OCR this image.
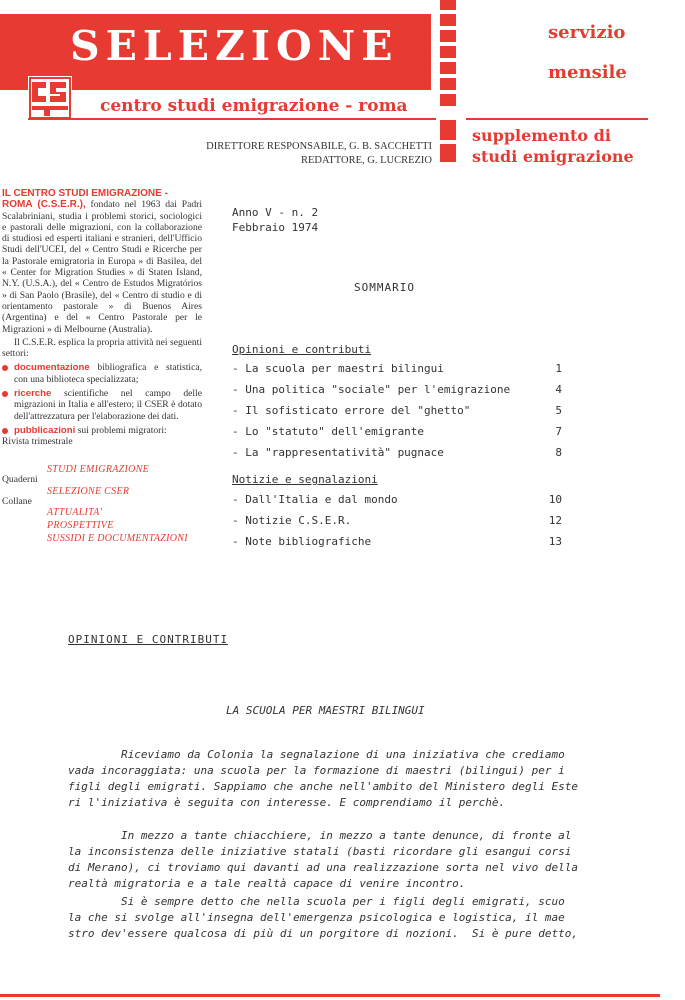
SELEZIONE
centro studi emigrazione - roma
DIRETTORE RESPONSABILE, G. B. SACCHETTI
REDATTORE, G. LUCREZIO
servizio
mensile
supplemento di
studi emigrazione
IL CENTRO STUDI EMIGRAZIONE -
ROMA (C.S.E.R.), fondato nel 1963 dai Padri Scalabriniani, studia i problemi storici, sociologici e pastorali delle migrazioni, con la collaborazione di studiosi ed esperti italiani e stranieri, dell'Ufficio Studi dell'UCEI, del « Centro Studi e Ricerche per la Pastorale emigratoria in Europa » di Basilea, del « Center for Migration Studies » di Staten Island, N.Y. (U.S.A.), del « Centro de Estudos Migratórios » di San Paolo (Brasile), del « Centro di studio e di orientamento pastorale » di Buenos Aires (Argentina) e del « Centro Pastorale per le Migrazioni » di Melbourne (Australia).
Il C.S.E.R. esplica la propria attività nei seguenti settori:
documentazione bibliografica e statistica, con una biblioteca specializzata;
ricerche scientifiche nel campo delle migrazioni in Italia e all'estero; il CSER è dotato dell'attrezzatura per l'elaborazione dei dati.
pubblicazioni sui problemi migratori:
Rivista trimestrale
Quaderni
Collane
STUDI EMIGRAZIONE
SELEZIONE CSER
ATTUALITA'
PROSPETTIVE
SUSSIDI E DOCUMENTAZIONI
Anno V - n. 2
Febbraio 1974
SOMMARIO
Opinioni e contributi
- La scuola per maestri bilingui	1
- Una politica "sociale" per l'emigrazione	4
- Il sofisticato errore del "ghetto"	5
- Lo "statuto" dell'emigrante	7
- La "rappresentatività" pugnace	8
Notizie e segnalazioni
- Dall'Italia e dal mondo	10
- Notizie C.S.E.R.	12
- Note bibliografiche	13
OPINIONI E CONTRIBUTI
LA SCUOLA PER MAESTRI BILINGUI
Riceviamo da Colonia la segnalazione di una iniziativa che crediamo
vada incoraggiata: una scuola per la formazione di maestri (bilingui) per i
figli degli emigrati. Sappiamo che anche nell'ambito del Ministero degli Este
ri l'iniziativa è seguita con interesse. E comprendiamo il perchè.
In mezzo a tante chiacchiere, in mezzo a tante denunce, di fronte al
la inconsistenza delle iniziative statali (basti ricordare gli esangui corsi
di Merano), ci troviamo qui davanti ad una realizzazione sorta nel vivo della
realtà migratoria e a tale realtà capace di venire incontro.
Si è sempre detto che nella scuola per i figli degli emigrati, scuo
la che si svolge all'insegna dell'emergenza psicologica e logistica, il mae
stro dev'essere qualcosa di più di un porgitore di nozioni.  Si è pure detto,
